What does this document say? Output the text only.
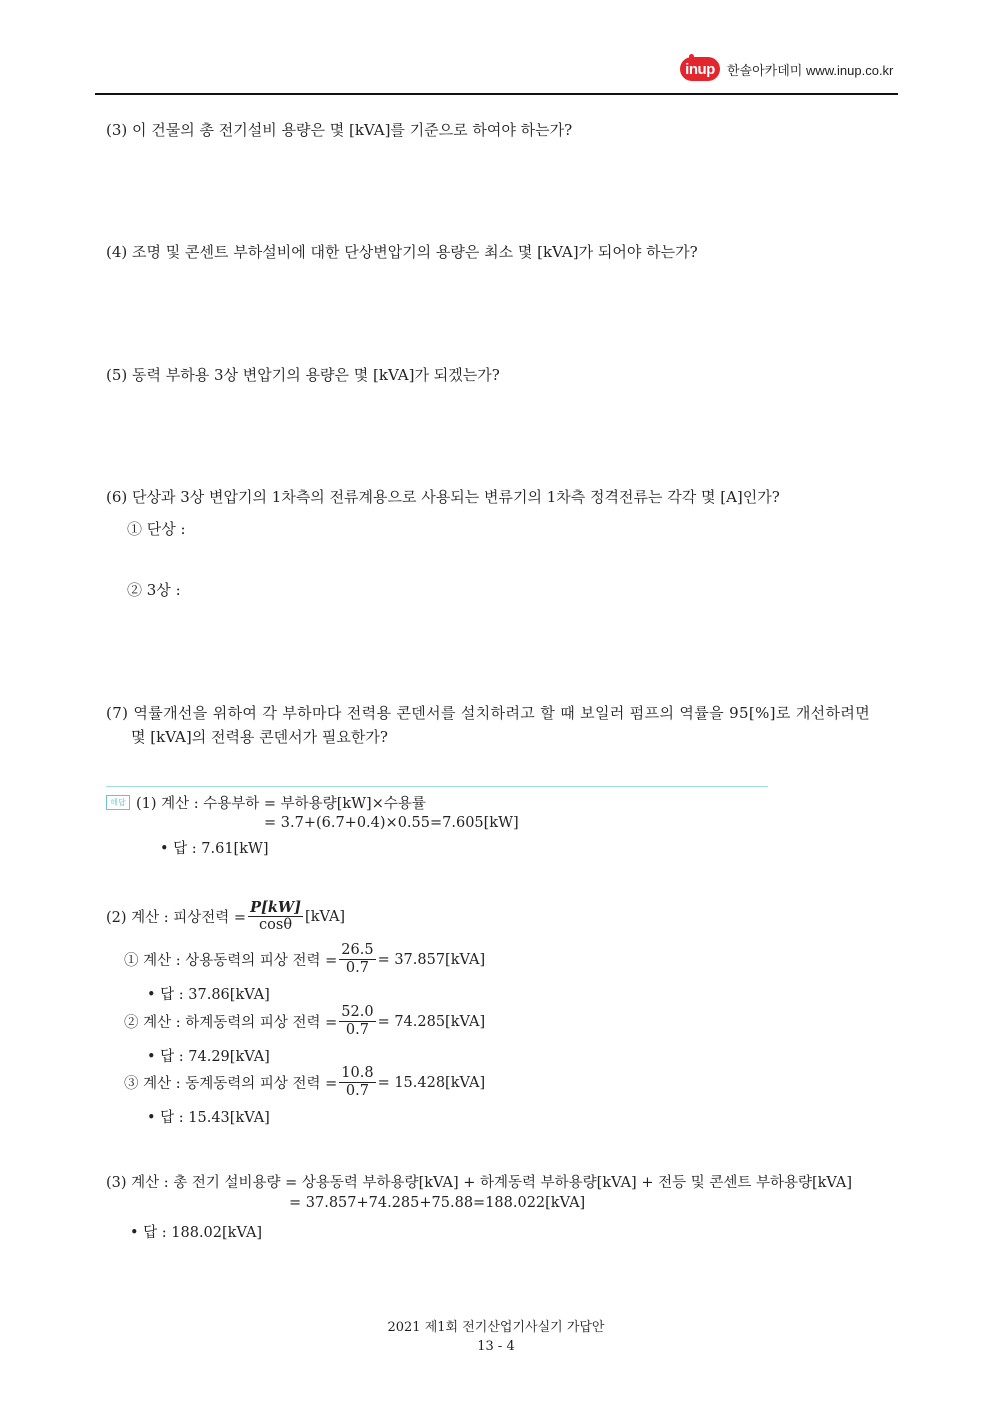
inup 한솔아카데미 www.inup.co.kr
(3) 이 건물의 총 전기설비 용량은 몇 [kVA]를 기준으로 하여야 하는가?
(4) 조명 및 콘센트 부하설비에 대한 단상변압기의 용량은 최소 몇 [kVA]가 되어야 하는가?
(5) 동력 부하용 3상 변압기의 용량은 몇 [kVA]가 되겠는가?
(6) 단상과 3상 변압기의 1차측의 전류계용으로 사용되는 변류기의 1차측 정격전류는 각각 몇 [A]인가?
① 단상 :
② 3상 :
(7) 역률개선을 위하여 각 부하마다 전력용 콘덴서를 설치하려고 할 때 보일러 펌프의 역률을 95[%]로 개선하려면
몇 [kVA]의 전력용 콘덴서가 필요한가?
해답 (1) 계산 : 수용부하 = 부하용량[kW]×수용률
= 3.7+(6.7+0.4)×0.55=7.605[kW]
• 답 : 7.61[kW]
(2) 계산 : 피상전력 = $\frac{P[kW]}{\cos\theta} [kVA]$
① 계산 : 상용동력의 피상 전력 = $\frac{26.5}{0.7} = 37.857[kVA]$
• 답 : 37.86[kVA]
② 계산 : 하계동력의 피상 전력 = $\frac{52.0}{0.7} = 74.285[kVA]$
• 답 : 74.29[kVA]
③ 계산 : 동계동력의 피상 전력 = $\frac{10.8}{0.7} = 15.428[kVA]$
• 답 : 15.43[kVA]
(3) 계산 : 총 전기 설비용량 = 상용동력 부하용량[kVA] + 하계동력 부하용량[kVA] + 전등 및 콘센트 부하용량[kVA]
= 37.857+74.285+75.88=188.022[kVA]
• 답 : 188.02[kVA]
2021 제1회 전기산업기사실기 가답안
13 - 4
